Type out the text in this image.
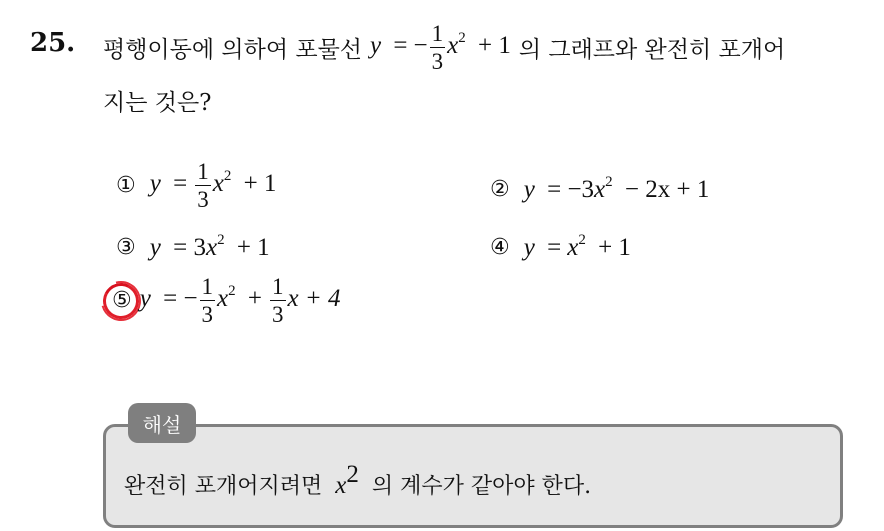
25. 평행이동에 의하여 포물선 y = − $\frac{1}{3} x^2 + 1$ 의 그래프와 완전히 포개어
지는 것은?
① $y = \frac{1}{3} x^2 + 1$	② $y = -3x^2 - 2x + 1$
③ $y = 3x^2 + 1$	④ $y = x^2 + 1$
⑤ y = − $\frac{1}{3} x^2 + \frac{1}{3}$ x + 4
해설
완전히 포개어지려면 $x^2$ 의 계수가 같아야 한다.
